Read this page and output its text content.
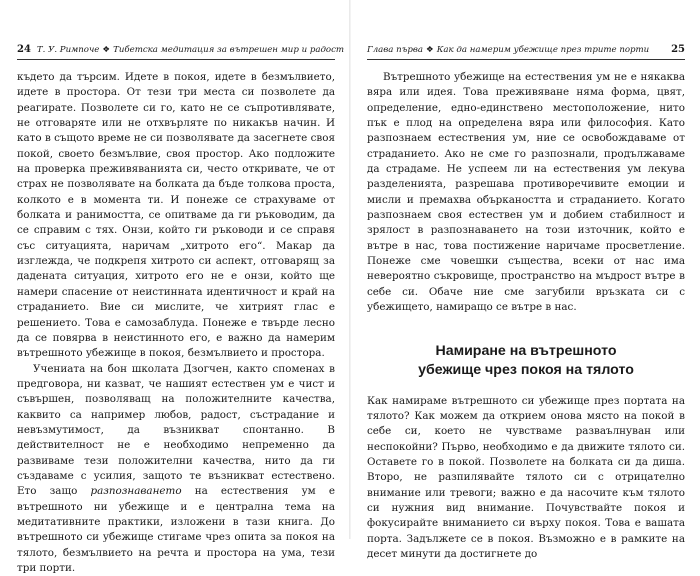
24 Т. У. Римпоче ❖ Тибетска медитация за вътрешен мир и радост

където да търсим. Идете в покоя, идете в безмълвието, идете в простора. От тези три места си позволете да реагирате. Позволете си го, като не се съпротивлявате, не отговаряте или не отхвърляте по никакъв начин. И като в същото време не си позволявате да засегнете своя покой, своето безмълвие, своя простор. Ако подложите на проверка преживяванията си, често откривате, че от страх не позволявате на болката да бъде толкова проста, колкото е в момента ти. И понеже се страхуваме от болката и ранимостта, се опитваме да ги ръководим, да се справим с тях. Онзи, който ги ръководи и се справя със ситуацията, наричам „хитрото его“. Макар да изглежда, че подкрепя хитрото си аспект, отговарящ за дадената ситуация, хитрото его не е онзи, който ще намери спасение от неистинната идентичност и край на страданието. Вие си мислите, че хитрият глас е решението. Това е самозаблуда. Понеже е твърде лесно да се повярва в неистинното его, е важно да намерим вътрешното убежище в покоя, безмълвието и простора.

Учениата на бон школата Дзогчен, както споменах в предговора, ни казват, че нашият естествен ум е чист и съвършен, позволяващ на положителните качества, каквито са например любов, радост, състрадание и невъзмутимост, да възникват спонтанно. В действителност не е необходимо непременно да развиваме тези положителни качества, нито да ги създаваме с усилия, защото те възникват естествено. Ето защо разпознаването на естествения ум е вътрешното ни убежище и е централна тема на медитативните практики, изложени в тази книга. До вътрешното си убежище стигаме чрез опита за покоя на тялото, безмълвието на речта и простора на ума, тези три порти.

Глава първа ❖ Как да намерим убежище през трите порти 25

Вътрешното убежище на естествения ум не е някаква вяра или идея. Това преживяване няма форма, цвят, определение, едно-единствено местоположение, нито пък е плод на определена вяра или философия. Като разпознаем естествения ум, ние се освобождаваме от страданието. Ако не сме го разпознали, продължаваме да страдаме. Не успеем ли на естествения ум лекува разделенията, разрешава противоречивите емоции и мисли и премахва объркаността и страданието. Когато разпознаем своя естествен ум и добием стабилност и зрялост в разпознаването на този източник, който е вътре в нас, това постижение наричаме просветление. Понеже сме човешки същества, всеки от нас има невероятно съкровище, пространство на мъдрост вътре в себе си. Обаче ние сме загубили връзката си с убежището, намиращо се вътре в нас.

Намиране на вътрешното
убежище чрез покоя на тялото

Как намираме вътрешното си убежище през портата на тялото? Как можем да открием онова място на покой в себе си, което не чувстваме разваълнуван или неспокойни? Първо, необходимо е да движите тялото си. Оставете го в покой. Позволете на болката си да диша. Второ, не разпилявайте тялото си с отрицателно внимание или тревоги; важно е да насочите към тялото си нужния вид внимание. Почувствайте покоя и фокусирайте вниманието си върху покоя. Това е вашата порта. Задължете се в покоя. Възможно е в рамките на десет минути да достигнете до
